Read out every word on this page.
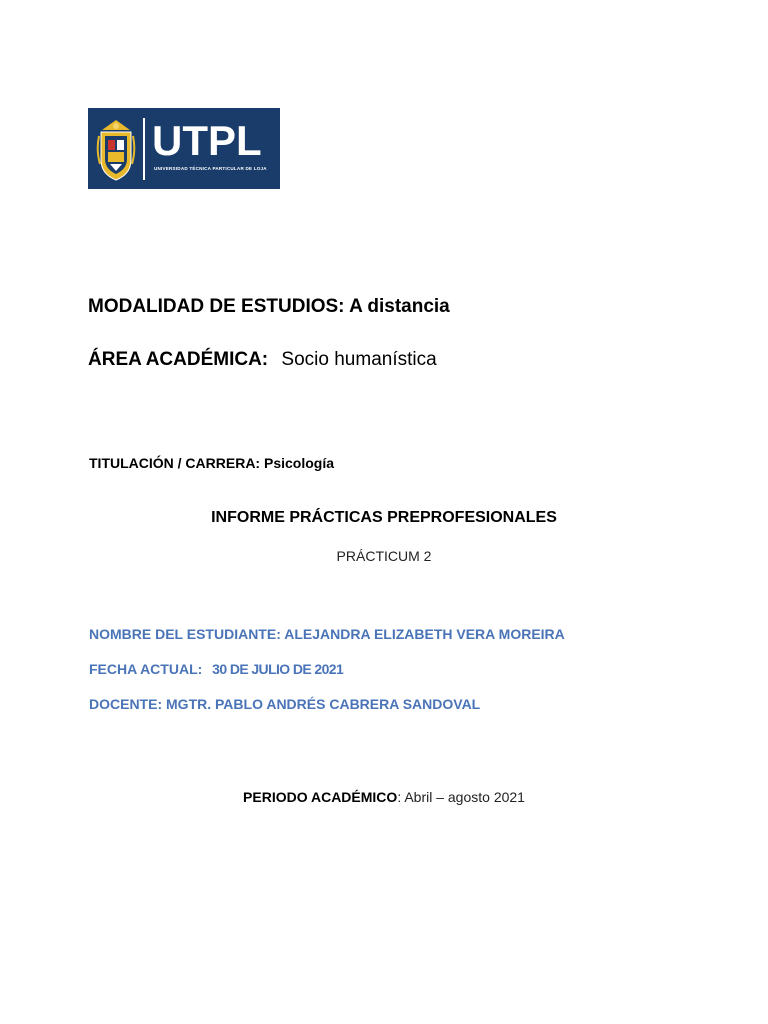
UTPL
UNIVERSIDAD TÉCNICA PARTICULAR DE LOJA
MODALIDAD DE ESTUDIOS: A distancia
ÁREA ACADÉMICA: Socio humanística
TITULACIÓN / CARRERA: Psicología
INFORME PRÁCTICAS PREPROFESIONALES
PRÁCTICUM 2
NOMBRE DEL ESTUDIANTE: ALEJANDRA ELIZABETH VERA MOREIRA
FECHA ACTUAL: 30 DE JULIO DE 2021
DOCENTE: MGTR. PABLO ANDRÉS CABRERA SANDOVAL
PERIODO ACADÉMICO: Abril – agosto 2021
